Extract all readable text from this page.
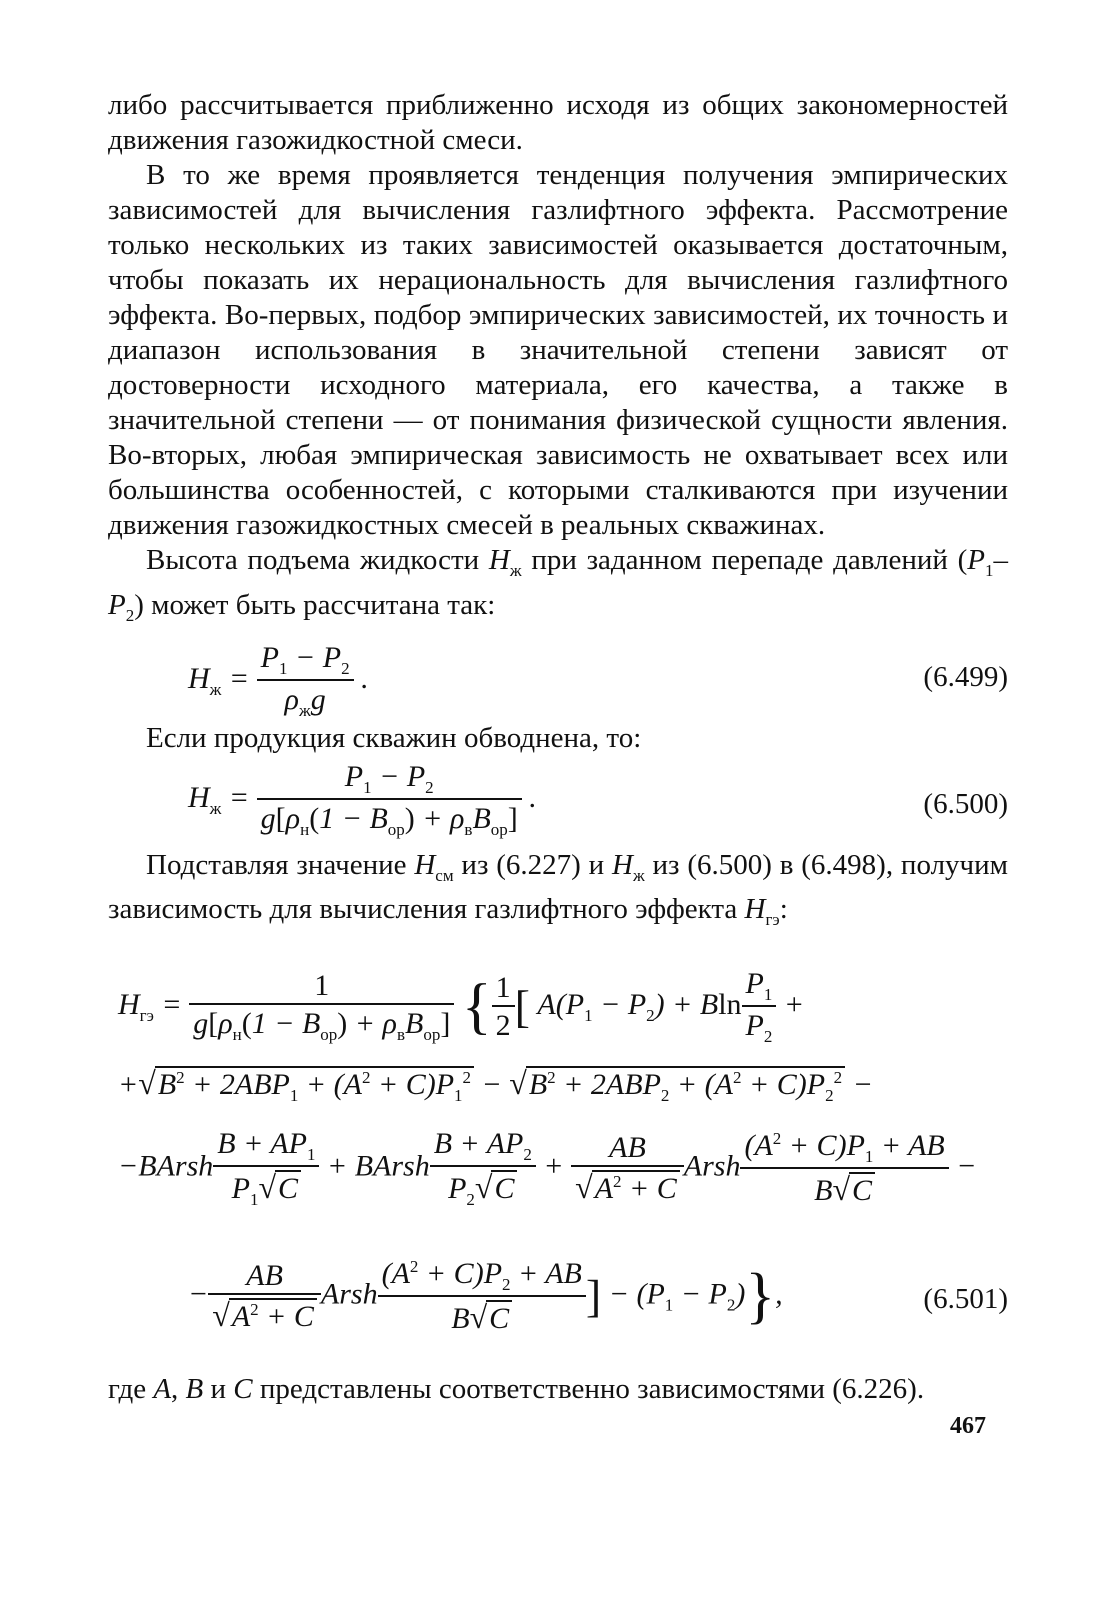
либо рассчитывается приближенно исходя из общих закономерностей движения газожидкостной смеси.

В то же время проявляется тенденция получения эмпирических зависимостей для вычисления газлифтного эффекта. Рассмотрение только нескольких из таких зависимостей оказывается достаточным, чтобы показать их нерациональность для вычисления газлифтного эффекта. Во-первых, подбор эмпирических зависимостей, их точность и диапазон использования в значительной степени зависят от достоверности исходного материала, его качества, а также в значительной степени — от понимания физической сущности явления. Во-вторых, любая эмпирическая зависимость не охватывает всех или большинства особенностей, с которыми сталкиваются при изучении движения газожидкостных смесей в реальных скважинах.

Высота подъема жидкости $H_ж$ при заданном перепаде давлений $(P_1-P_2)$ может быть рассчитана так:

$H_ж = \frac{P_1 - P_2}{\rho_жg}$ .	(6.499)

Если продукция скважин обводнена, то:

$H_ж = \frac{P_1 - P_2}{g[\rho_н(1 - B_{ор}) + \rho_вB_{ор}]}$ .	(6.500)

Подставляя значение $H_{см}$ из (6.227) и $H_ж$ из (6.500) в (6.498), получим зависимость для вычисления газлифтного эффекта $H_{гэ}$:

$H_{гэ} = \frac{1}{g[\rho_н(1 - B_{ор}) + \rho_вB_{ор}]}$ { $\frac{1}{2}$ [ $A(P_1 - P_2) + Bln \frac{P_1}{P_2}$ +
$+√B^2 + 2ABP_1 + (A^2 + C)P_1^2 - √B^2 + 2ABP_2 + (A^2 + C)P_2^2$ −
−BArsh $\frac{B + AP_1}{P_1√C}$ + BArsh $\frac{B + AP_2}{P_2√C} + \frac{AB}{√A^2 + C}$ Arsh $\frac{(A^2 + C)P_1 + AB}{B√C}$ −
− $\frac{AB}{√A^2 + C}$ Arsh $\frac{(A^2 + C)P_2 + AB}{B√C}$ ] − $(P_1 - P_2)$},	(6.501)

где A, B и C представлены соответственно зависимостями (6.226).

467
